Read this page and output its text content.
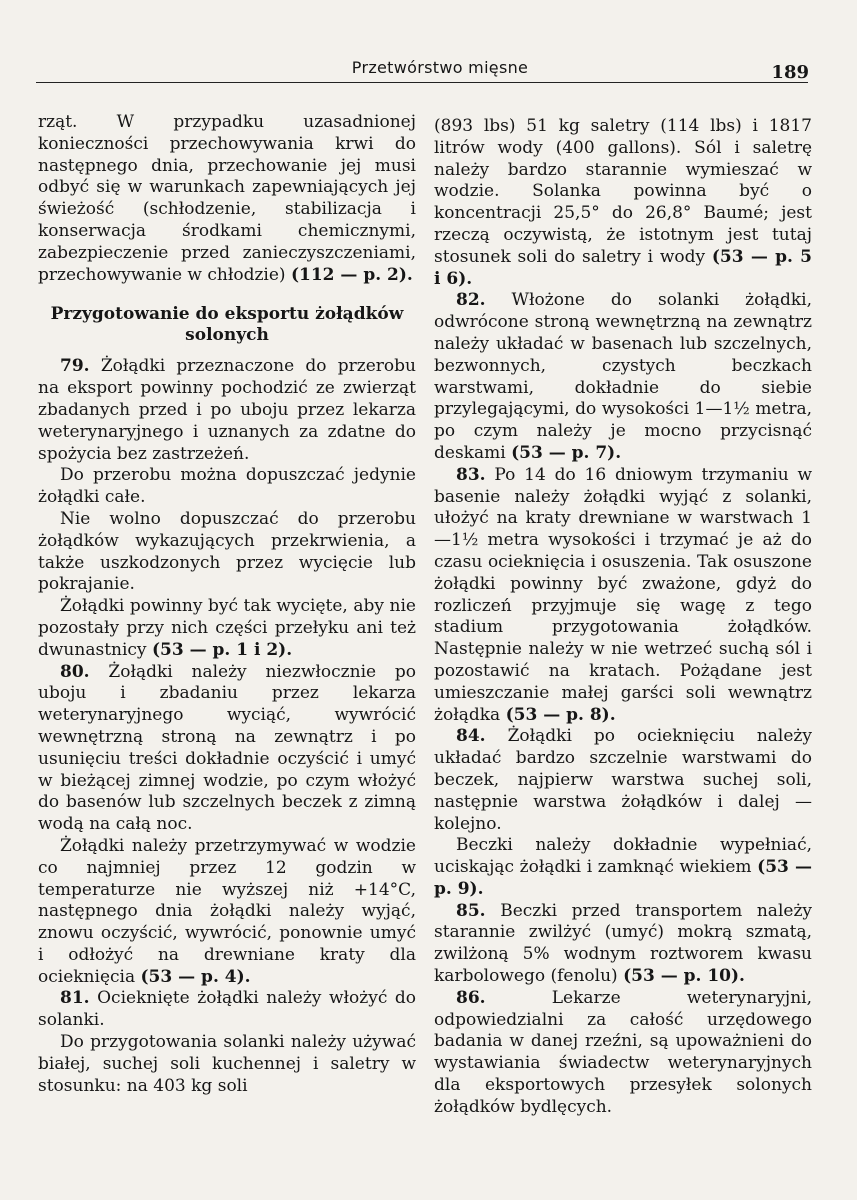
Przetwórstwo mięsne	189

rząt. W przypadku uzasadnionej konieczności przechowywania krwi do następnego dnia, przechowanie jej musi odbyć się w warunkach zapewniających jej świeżość (schłodzenie, stabilizacja i konserwacja środkami chemicznymi, zabezpieczenie przed zanieczyszczeniami, przechowywanie w chłodzie) (112 — p. 2).

Przygotowanie do eksportu żołądków solonych

79. Żołądki przeznaczone do przerobu na eksport powinny pochodzić ze zwierząt zbadanych przed i po uboju przez lekarza weterynaryjnego i uznanych za zdatne do spożycia bez zastrzeżeń.

Do przerobu można dopuszczać jedynie żołądki całe.

Nie wolno dopuszczać do przerobu żołądków wykazujących przekrwienia, a także uszkodzonych przez wycięcie lub pokrajanie.

Żołądki powinny być tak wycięte, aby nie pozostały przy nich części przełyku ani też dwunastnicy (53 — p. 1 i 2).

80. Żołądki należy niezwłocznie po uboju i zbadaniu przez lekarza weterynaryjnego wyciąć, wywrócić wewnętrzną stroną na zewnątrz i po usunięciu treści dokładnie oczyścić i umyć w bieżącej zimnej wodzie, po czym włożyć do basenów lub szczelnych beczek z zimną wodą na całą noc.

Żołądki należy przetrzymywać w wodzie co najmniej przez 12 godzin w temperaturze nie wyższej niż +14°C, następnego dnia żołądki należy wyjąć, znowu oczyścić, wywrócić, ponownie umyć i odłożyć na drewniane kraty dla ocieknięcia (53 — p. 4).

81. Ocieknięte żołądki należy włożyć do solanki.

Do przygotowania solanki należy używać białej, suchej soli kuchennej i saletry w stosunku: na 403 kg soli

(893 lbs) 51 kg saletry (114 lbs) i 1817 litrów wody (400 gallons). Sól i saletrę należy bardzo starannie wymieszać w wodzie. Solanka powinna być o koncentracji 25,5° do 26,8° Baumé; jest rzeczą oczywistą, że istotnym jest tutaj stosunek soli do saletry i wody (53 — p. 5 i 6).

82. Włożone do solanki żołądki, odwrócone stroną wewnętrzną na zewnątrz należy układać w basenach lub szczelnych, bezwonnych, czystych beczkach warstwami, dokładnie do siebie przylegającymi, do wysokości 1—1½ metra, po czym należy je mocno przycisnąć deskami (53 — p. 7).

83. Po 14 do 16 dniowym trzymaniu w basenie należy żołądki wyjąć z solanki, ułożyć na kraty drewniane w warstwach 1—1½ metra wysokości i trzymać je aż do czasu ocieknięcia i osuszenia. Tak osuszone żołądki powinny być zważone, gdyż do rozliczeń przyjmuje się wagę z tego stadium przygotowania żołądków. Następnie należy w nie wetrzeć suchą sól i pozostawić na kratach. Pożądane jest umieszczanie małej garści soli wewnątrz żołądka (53 — p. 8).

84. Żołądki po ocieknięciu należy układać bardzo szczelnie warstwami do beczek, najpierw warstwa suchej soli, następnie warstwa żołądków i dalej — kolejno.

Beczki należy dokładnie wypełniać, uciskając żołądki i zamknąć wiekiem (53 — p. 9).

85. Beczki przed transportem należy starannie zwilżyć (umyć) mokrą szmatą, zwilżoną 5% wodnym roztworem kwasu karbolowego (fenolu) (53 — p. 10).

86.	Lekarze weterynaryjni, odpowiedzialni za całość urzędowego badania w danej rzeźni, są upoważnieni do wystawiania świadectw weterynaryjnych dla eksportowych przesyłek solonych żołądków bydlęcych.
